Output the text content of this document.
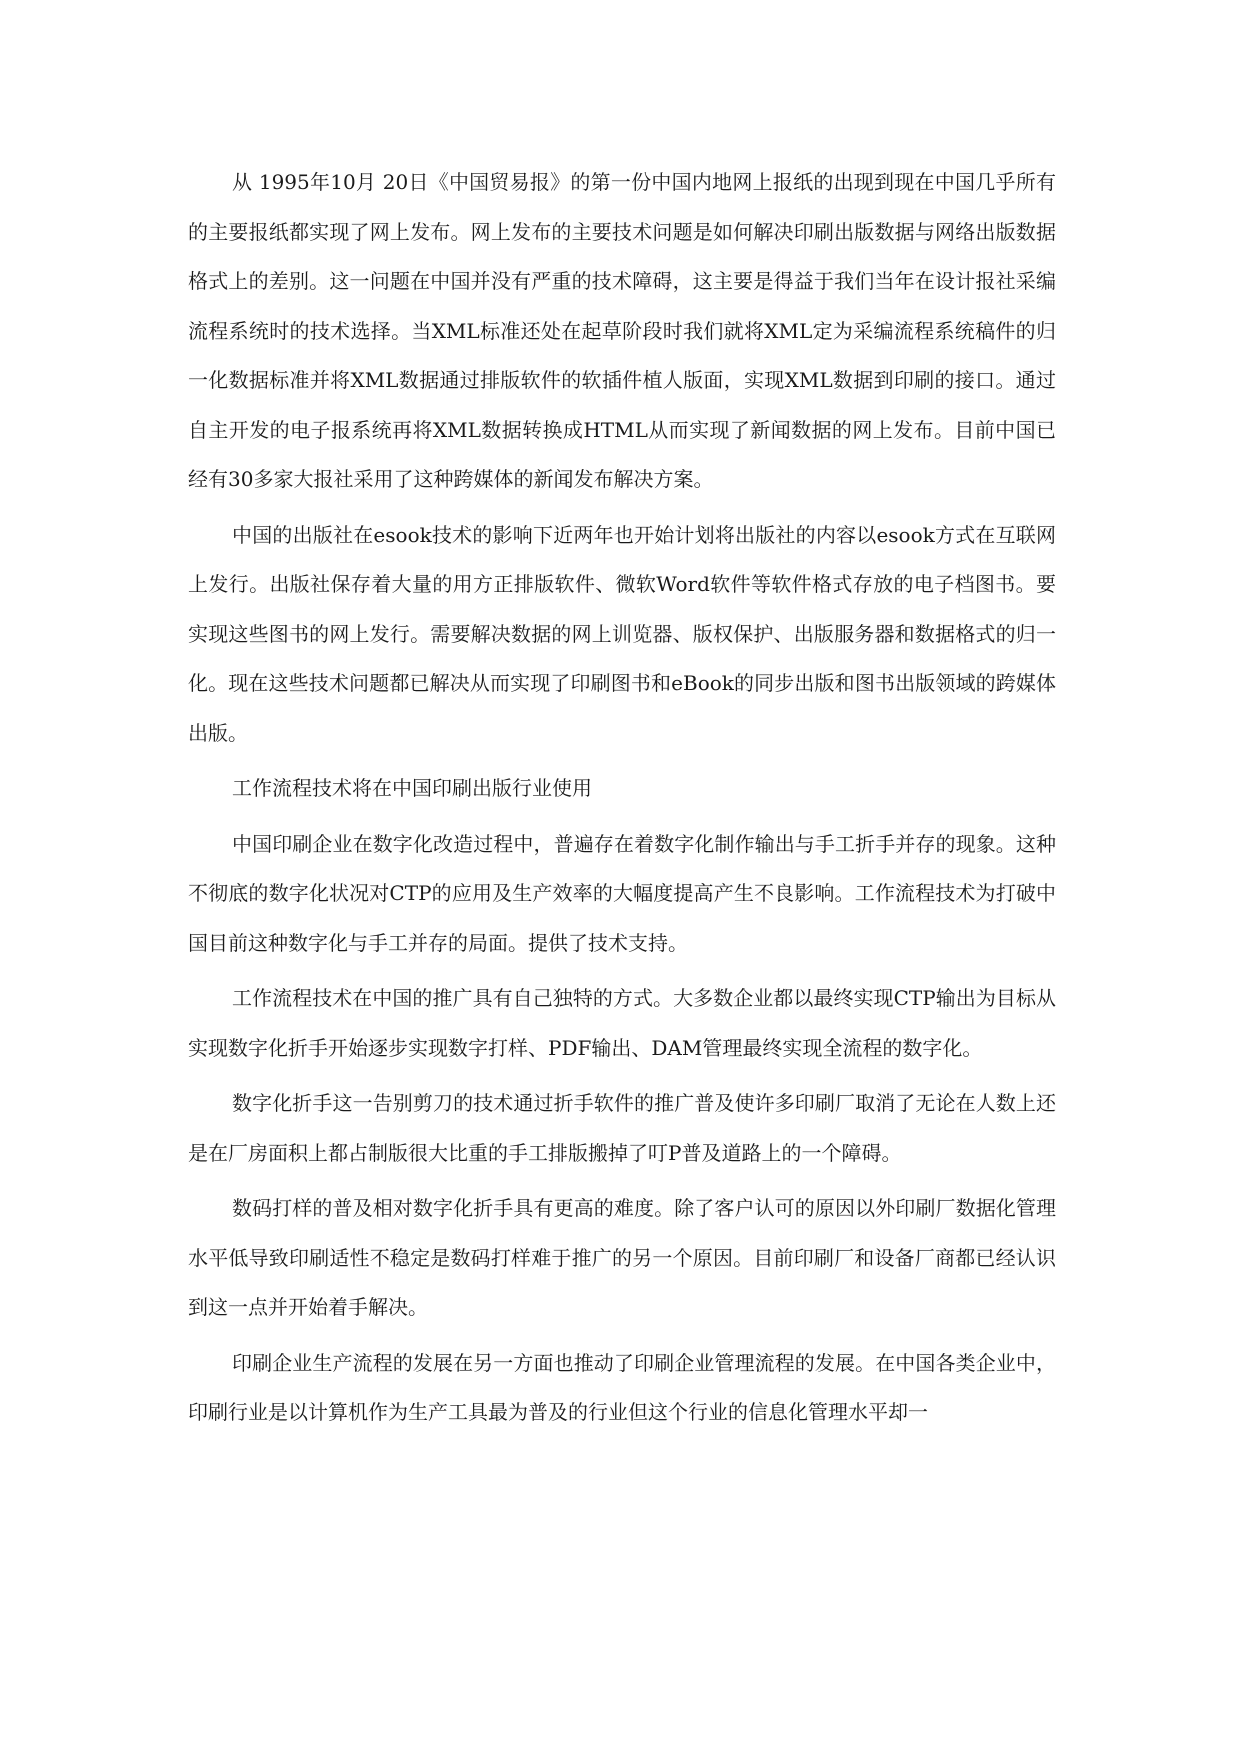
从 1995年10月 20日《中国贸易报》的第一份中国内地网上报纸的出现到现在中国几乎所有的主要报纸都实现了网上发布。网上发布的主要技术问题是如何解决印刷出版数据与网络出版数据格式上的差别。这一问题在中国并没有严重的技术障碍，这主要是得益于我们当年在设计报社采编流程系统时的技术选择。当XML标准还处在起草阶段时我们就将XML定为采编流程系统稿件的归一化数据标准并将XML数据通过排版软件的软插件植人版面，实现XML数据到印刷的接口。通过自主开发的电子报系统再将XML数据转换成HTML从而实现了新闻数据的网上发布。目前中国已经有30多家大报社采用了这种跨媒体的新闻发布解决方案。

中国的出版社在esook技术的影响下近两年也开始计划将出版社的内容以esook方式在互联网上发行。出版社保存着大量的用方正排版软件、微软Word软件等软件格式存放的电子档图书。要实现这些图书的网上发行。需要解决数据的网上训览器、版权保护、出版服务器和数据格式的归一化。现在这些技术问题都已解决从而实现了印刷图书和eBook的同步出版和图书出版领域的跨媒体出版。

工作流程技术将在中国印刷出版行业使用

中国印刷企业在数字化改造过程中，普遍存在着数字化制作输出与手工折手并存的现象。这种不彻底的数字化状况对CTP的应用及生产效率的大幅度提高产生不良影响。工作流程技术为打破中国目前这种数字化与手工并存的局面。提供了技术支持。

工作流程技术在中国的推广具有自己独特的方式。大多数企业都以最终实现CTP输出为目标从实现数字化折手开始逐步实现数字打样、PDF输出、DAM管理最终实现全流程的数字化。

数字化折手这一告别剪刀的技术通过折手软件的推广普及使许多印刷厂取消了无论在人数上还是在厂房面积上都占制版很大比重的手工排版搬掉了叮P普及道路上的一个障碍。

数码打样的普及相对数字化折手具有更高的难度。除了客户认可的原因以外印刷厂数据化管理水平低导致印刷适性不稳定是数码打样难于推广的另一个原因。目前印刷厂和设备厂商都已经认识到这一点并开始着手解决。

印刷企业生产流程的发展在另一方面也推动了印刷企业管理流程的发展。在中国各类企业中，印刷行业是以计算机作为生产工具最为普及的行业但这个行业的信息化管理水平却一
